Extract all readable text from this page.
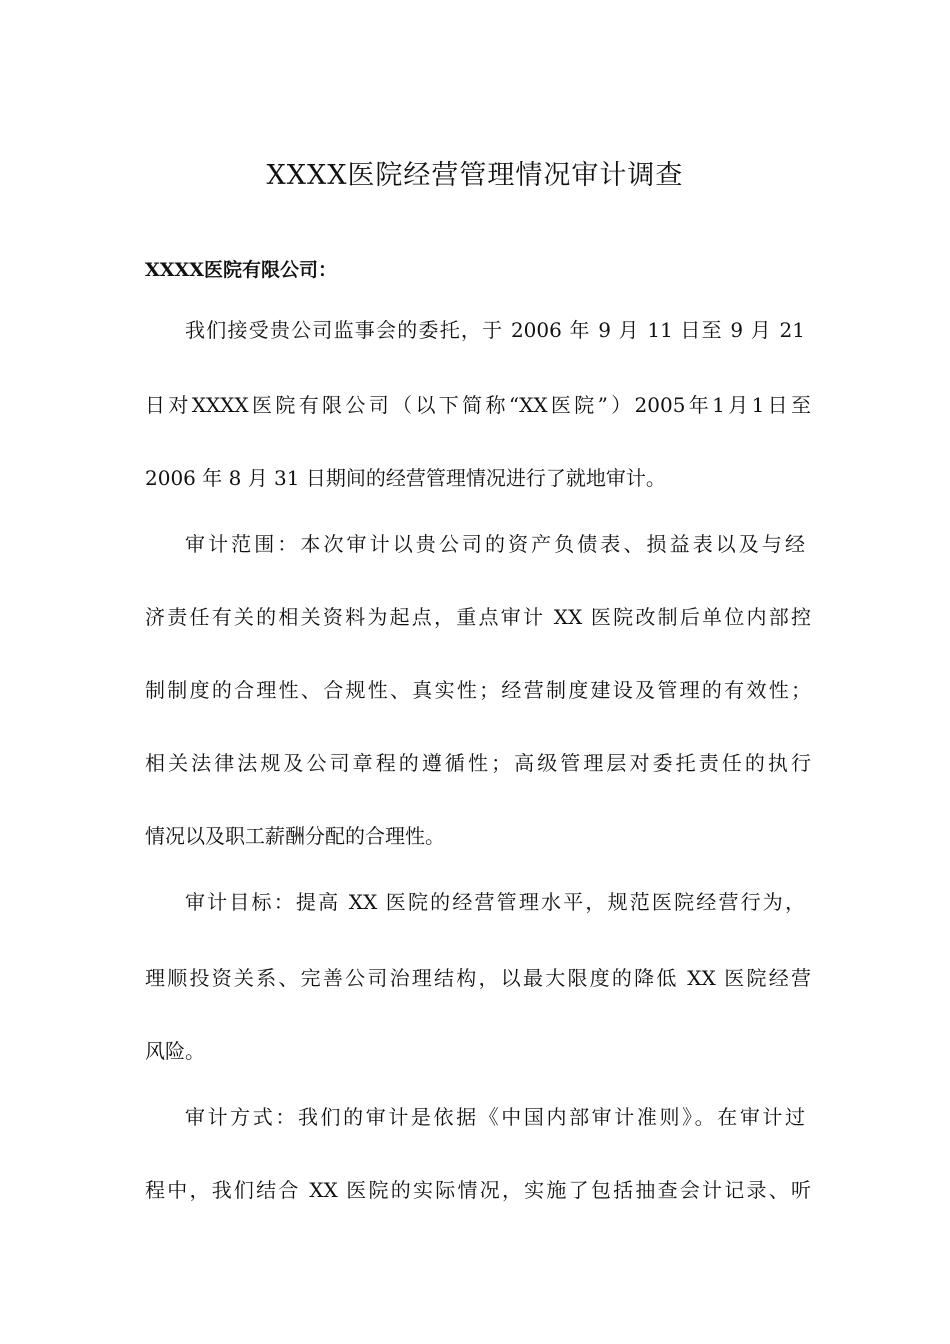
XXXX医院经营管理情况审计调查
XXXX医院有限公司：
我们接受贵公司监事会的委托，于 2006 年 9 月 11 日至 9 月 21
日对XXXX医院有限公司（以下简称“XX医院”）2005年1月1日至
2006 年 8 月 31 日期间的经营管理情况进行了就地审计。
审计范围：本次审计以贵公司的资产负债表、损益表以及与经
济责任有关的相关资料为起点，重点审计 XX 医院改制后单位内部控
制制度的合理性、合规性、真实性；经营制度建设及管理的有效性；
相关法律法规及公司章程的遵循性；高级管理层对委托责任的执行
情况以及职工薪酬分配的合理性。
审计目标：提高 XX 医院的经营管理水平，规范医院经营行为，
理顺投资关系、完善公司治理结构，以最大限度的降低 XX 医院经营
风险。
审计方式：我们的审计是依据《中国内部审计准则》。在审计过
程中，我们结合 XX 医院的实际情况，实施了包括抽查会计记录、听
